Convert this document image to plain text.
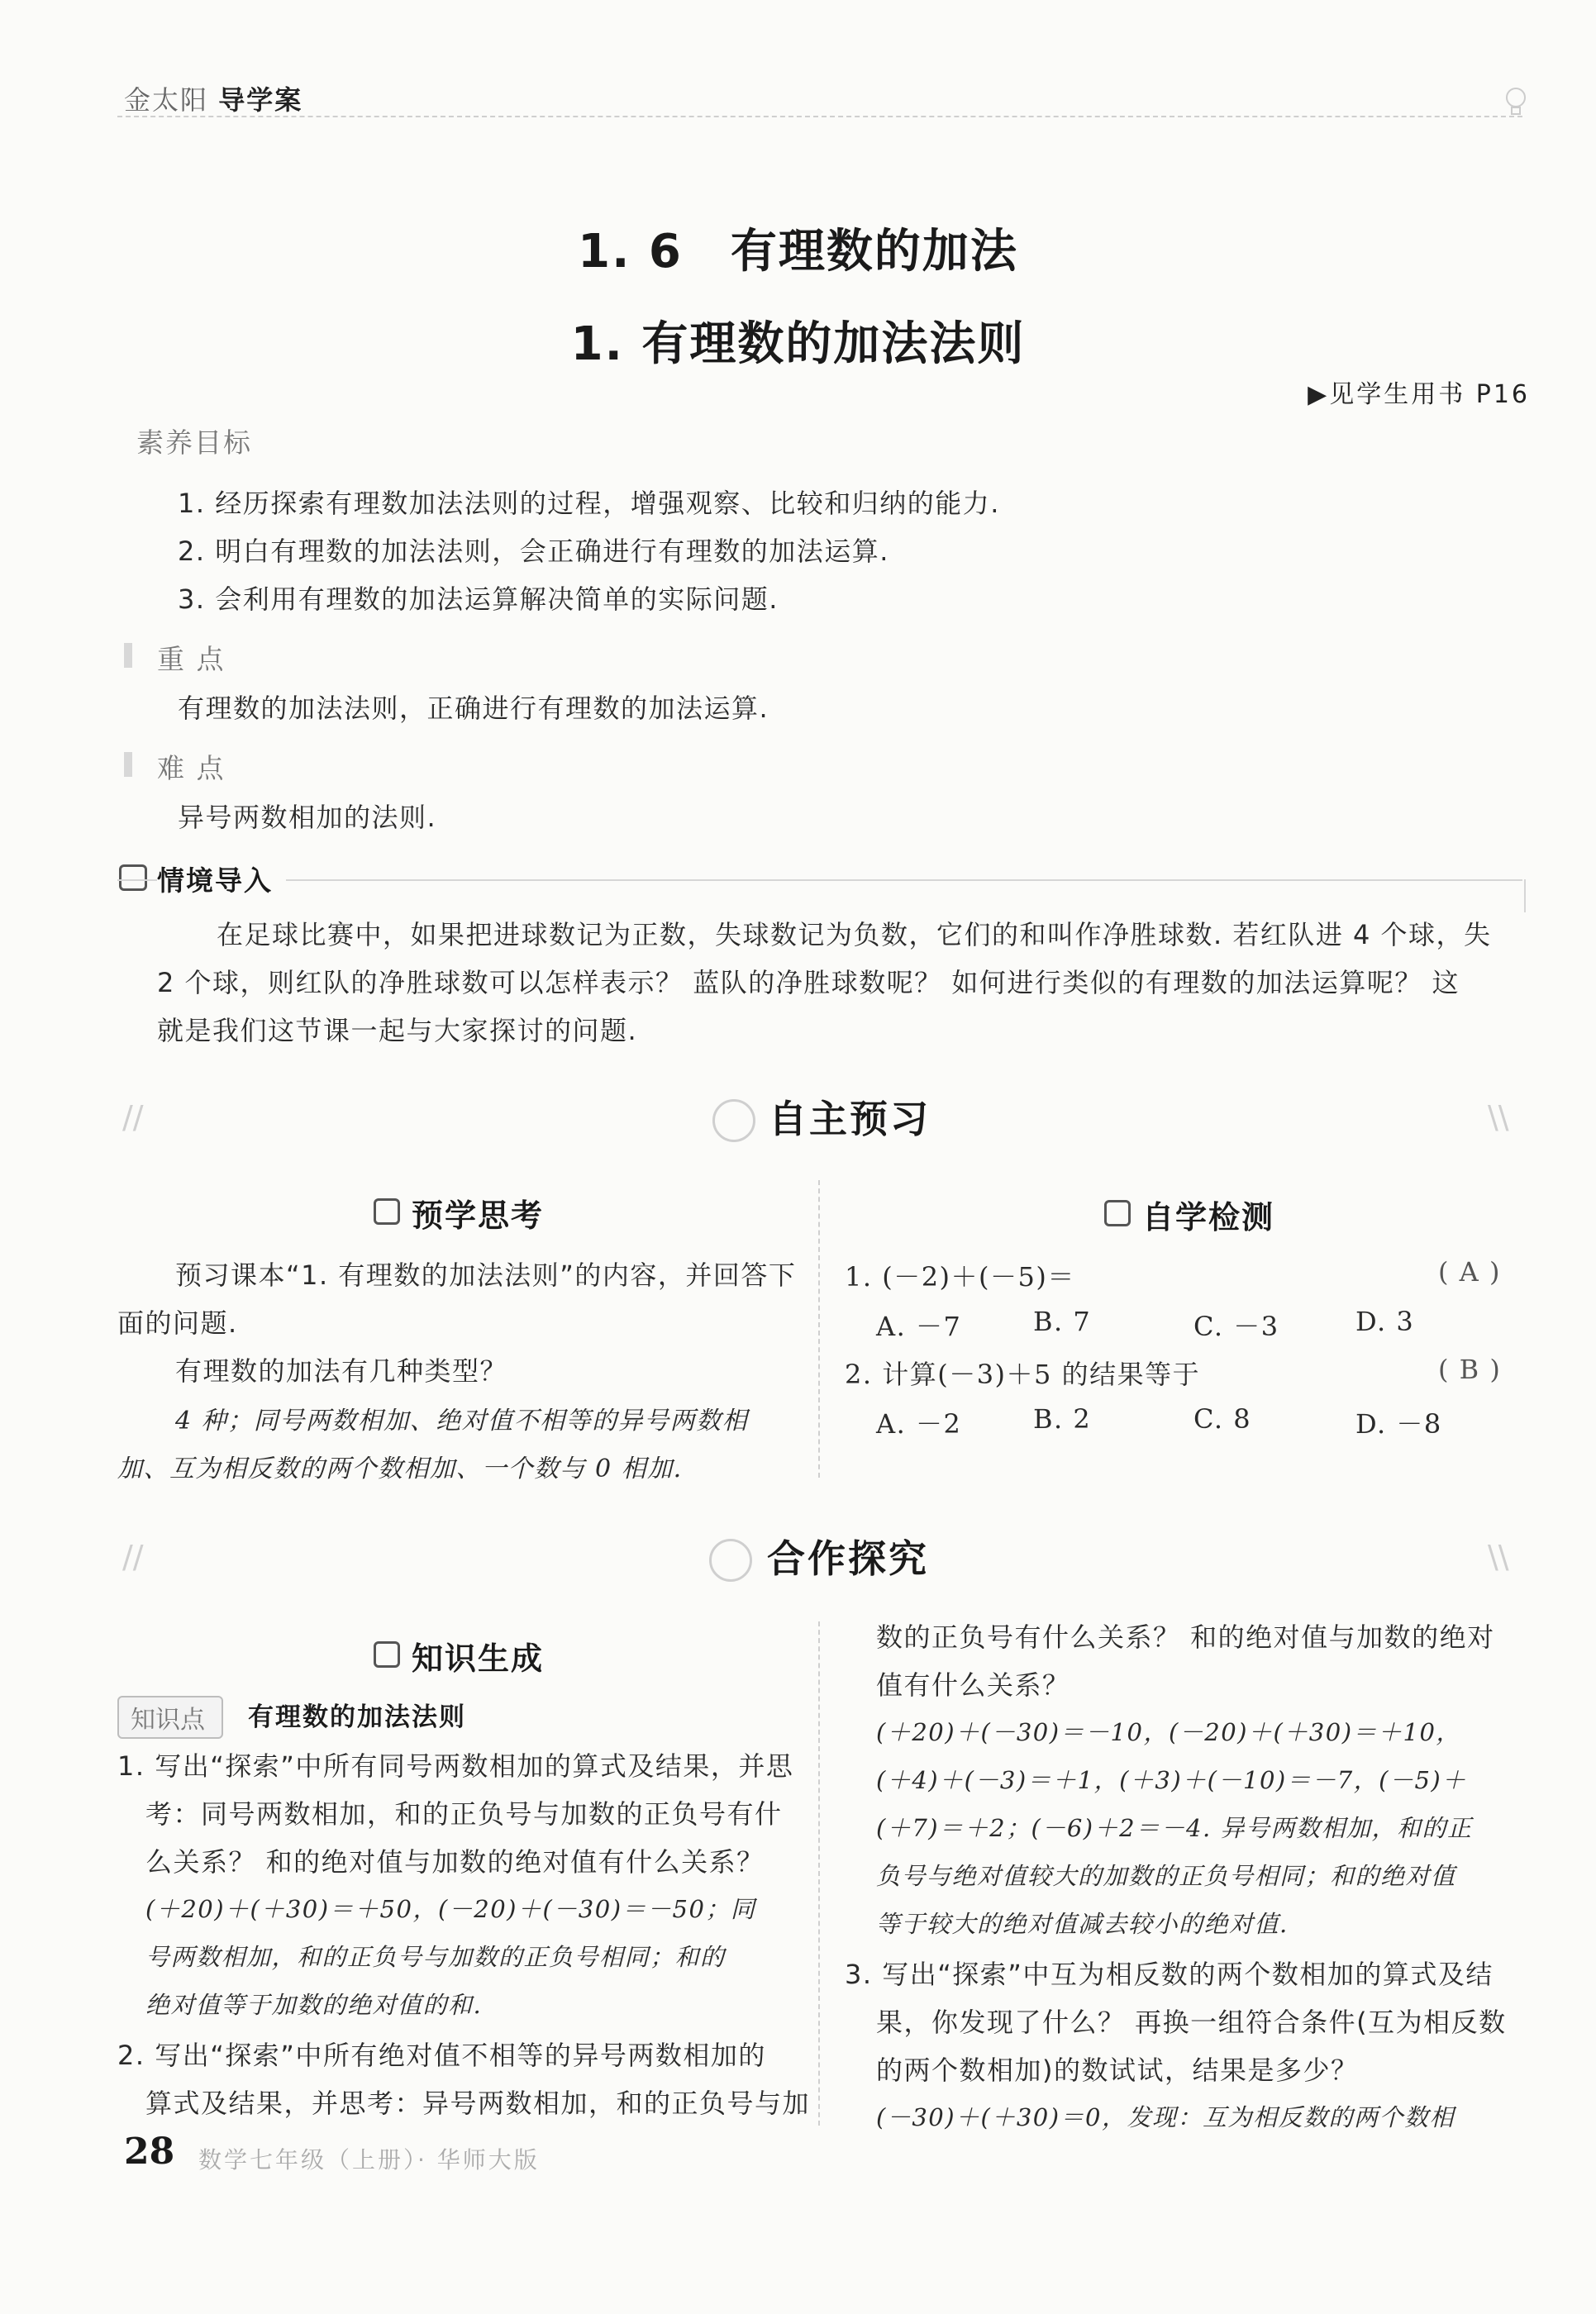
金太阳 导学案
1. 6　有理数的加法
1. 有理数的加法法则
▶见学生用书 P16
素养目标
1. 经历探索有理数加法法则的过程，增强观察、比较和归纳的能力.
2. 明白有理数的加法法则，会正确进行有理数的加法运算.
3. 会利用有理数的加法运算解决简单的实际问题.
重 点
有理数的加法法则，正确进行有理数的加法运算.
难 点
异号两数相加的法则.
情境导入
在足球比赛中，如果把进球数记为正数，失球数记为负数，它们的和叫作净胜球数. 若红队进 4 个球，失
2 个球，则红队的净胜球数可以怎样表示？ 蓝队的净胜球数呢？ 如何进行类似的有理数的加法运算呢？ 这
就是我们这节课一起与大家探讨的问题.
//	\\
自主预习
预学思考
预习课本“1. 有理数的加法法则”的内容，并回答下
面的问题.
有理数的加法有几种类型？
4 种；同号两数相加、绝对值不相等的异号两数相
加、互为相反数的两个数相加、一个数与 0 相加.
自学检测
1. (－2)＋(－5)＝	( A )
A. －7	B. 7	C. －3	D. 3
2. 计算(－3)＋5 的结果等于	( B )
A. －2	B. 2	C. 8	D. －8
//	\\
合作探究
知识生成
知识点	有理数的加法法则
1. 写出“探索”中所有同号两数相加的算式及结果，并思
考：同号两数相加，和的正负号与加数的正负号有什
么关系？ 和的绝对值与加数的绝对值有什么关系？
(＋20)＋(＋30)＝＋50，(－20)＋(－30)＝－50；同
号两数相加，和的正负号与加数的正负号相同；和的
绝对值等于加数的绝对值的和.
2. 写出“探索”中所有绝对值不相等的异号两数相加的
算式及结果，并思考：异号两数相加，和的正负号与加
数的正负号有什么关系？ 和的绝对值与加数的绝对
值有什么关系？
(＋20)＋(－30)＝－10，(－20)＋(＋30)＝＋10，
(＋4)＋(－3)＝＋1，(＋3)＋(－10)＝－7，(－5)＋
(＋7)＝＋2；(－6)＋2＝－4. 异号两数相加，和的正
负号与绝对值较大的加数的正负号相同；和的绝对值
等于较大的绝对值减去较小的绝对值.
3. 写出“探索”中互为相反数的两个数相加的算式及结
果，你发现了什么？ 再换一组符合条件(互为相反数
的两个数相加)的数试试，结果是多少？
(－30)＋(＋30)＝0，发现：互为相反数的两个数相
28 数学七年级（上册）· 华师大版
